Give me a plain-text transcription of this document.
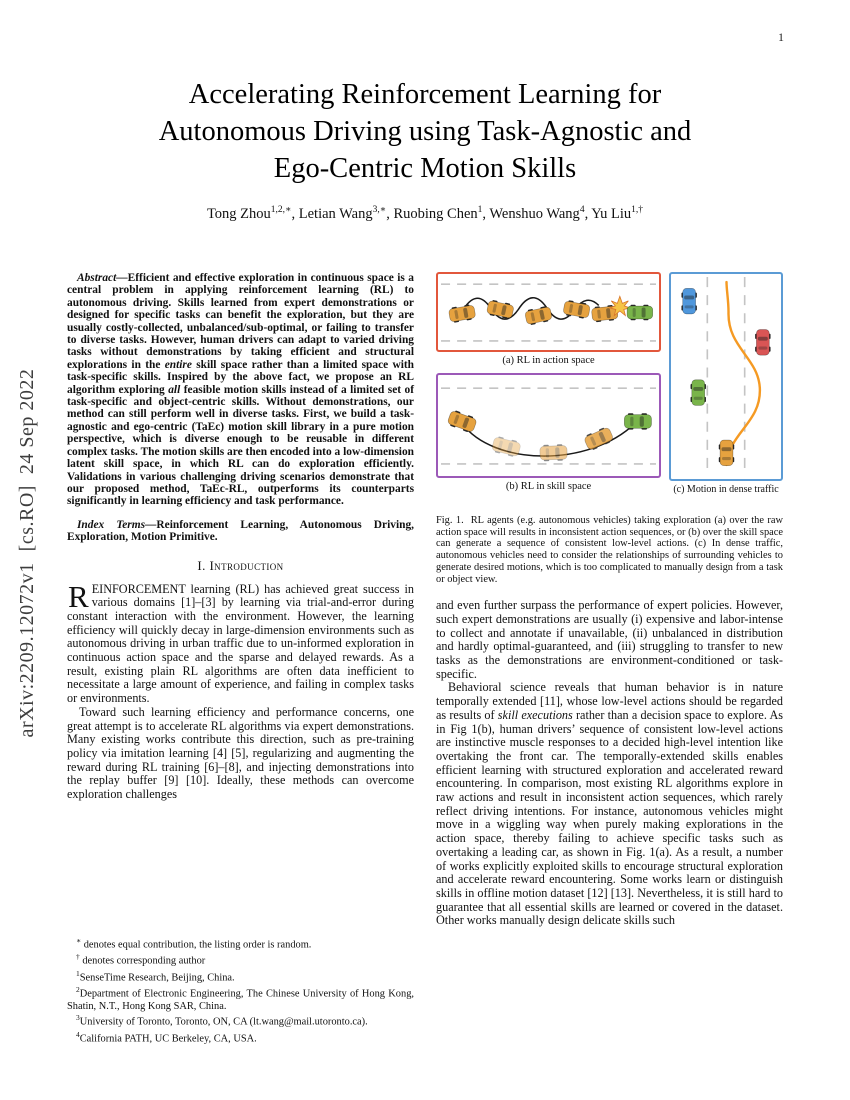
1
arXiv:2209.12072v1  [cs.RO]  24 Sep 2022
Accelerating Reinforcement Learning for
Autonomous Driving using Task-Agnostic and
Ego-Centric Motion Skills
Tong Zhou$^{1,2,∗}$, Letian Wang$^{3,∗}$, Ruobing Chen$^1$, Wenshuo Wang$^4$, Yu Liu$^{1,\dagger}$

Abstract—Efficient and effective exploration in continuous space is a central problem in applying reinforcement learning (RL) to autonomous driving. Skills learned from expert demonstrations or designed for specific tasks can benefit the exploration, but they are usually costly-collected, unbalanced/sub-optimal, or failing to transfer to diverse tasks. However, human drivers can adapt to varied driving tasks without demonstrations by taking efficient and structural explorations in the entire skill space rather than a limited space with task-specific skills. Inspired by the above fact, we propose an RL algorithm exploring all feasible motion skills instead of a limited set of task-specific and object-centric skills. Without demonstrations, our method can still perform well in diverse tasks. First, we build a task-agnostic and ego-centric (TaEc) motion skill library in a pure motion perspective, which is diverse enough to be reusable in different complex tasks. The motion skills are then encoded into a low-dimension latent skill space, in which RL can do exploration efficiently. Validations in various challenging driving scenarios demonstrate that our proposed method, TaEc-RL, outperforms its counterparts significantly in learning efficiency and task performance.

Index Terms—Reinforcement Learning, Autonomous Driving, Exploration, Motion Primitive.

I. Introduction

REINFORCEMENT learning (RL) has achieved great success in various domains [1]–[3] by learning via trial-and-error during constant interaction with the environment. However, the learning efficiency will quickly decay in large-dimension environments such as autonomous driving in urban traffic due to un-informed exploration in continuous action space and the sparse and delayed rewards. As a result, existing plain RL algorithms are often data inefficient to necessitate a large amount of experience, and failing in complex tasks or environments.

Toward such learning efficiency and performance concerns, one great attempt is to accelerate RL algorithms via expert demonstrations. Many existing works contribute this direction, such as pre-training policy via imitation learning [4] [5], regularizing and augmenting the reward during RL training [6]–[8], and injecting demonstrations into the replay buffer [9] [10]. Ideally, these methods can overcome exploration challenges

∗ denotes equal contribution, the listing order is random.
† denotes corresponding author
$^1$SenseTime Research, Beijing, China.
$^2$Department of Electronic Engineering, The Chinese University of Hong Kong, Shatin, N.T., Hong Kong SAR, China.
$^3$University of Toronto, Toronto, ON, CA (lt.wang@mail.utoronto.ca).
$^4$California PATH, UC Berkeley, CA, USA.
(a) RL in action space
(b) RL in skill space	(c) Motion in dense traffic

Fig. 1. RL agents (e.g. autonomous vehicles) taking exploration (a) over the raw action space will results in inconsistent action sequences, or (b) over the skill space can generate a sequence of consistent low-level actions. (c) In dense traffic, autonomous vehicles need to consider the relationships of surrounding vehicles to generate desired motions, which is too complicated to manually design from a task or object view.

and even further surpass the performance of expert policies. However, such expert demonstrations are usually (i) expensive and labor-intense to collect and annotate if unavailable, (ii) unbalanced in distribution and hardly optimal-guaranteed, and (iii) struggling to transfer to new tasks as the demonstrations are environment-conditioned or task-specific.

Behavioral science reveals that human behavior is in nature temporally extended [11], whose low-level actions should be regarded as results of skill executions rather than a decision space to explore. As in Fig 1(b), human drivers’ sequence of consistent low-level actions are instinctive muscle responses to a decided high-level intention like overtaking the front car. The temporally-extended skills enables efficient learning with structured exploration and accelerated reward encountering. In comparison, most existing RL algorithms explore in raw actions and result in inconsistent action sequences, which rarely reflect driving intentions. For instance, autonomous vehicles might move in a wiggling way when purely making explorations in the action space, thereby failing to achieve specific tasks such as overtaking a leading car, as shown in Fig. 1(a). As a result, a number of works explicitly exploited skills to encourage structural exploration and accelerate reward encountering. Some works learn or distinguish skills in offline motion dataset [12] [13]. Nevertheless, it is still hard to guarantee that all essential skills are learned or covered in the dataset. Other works manually design delicate skills such
